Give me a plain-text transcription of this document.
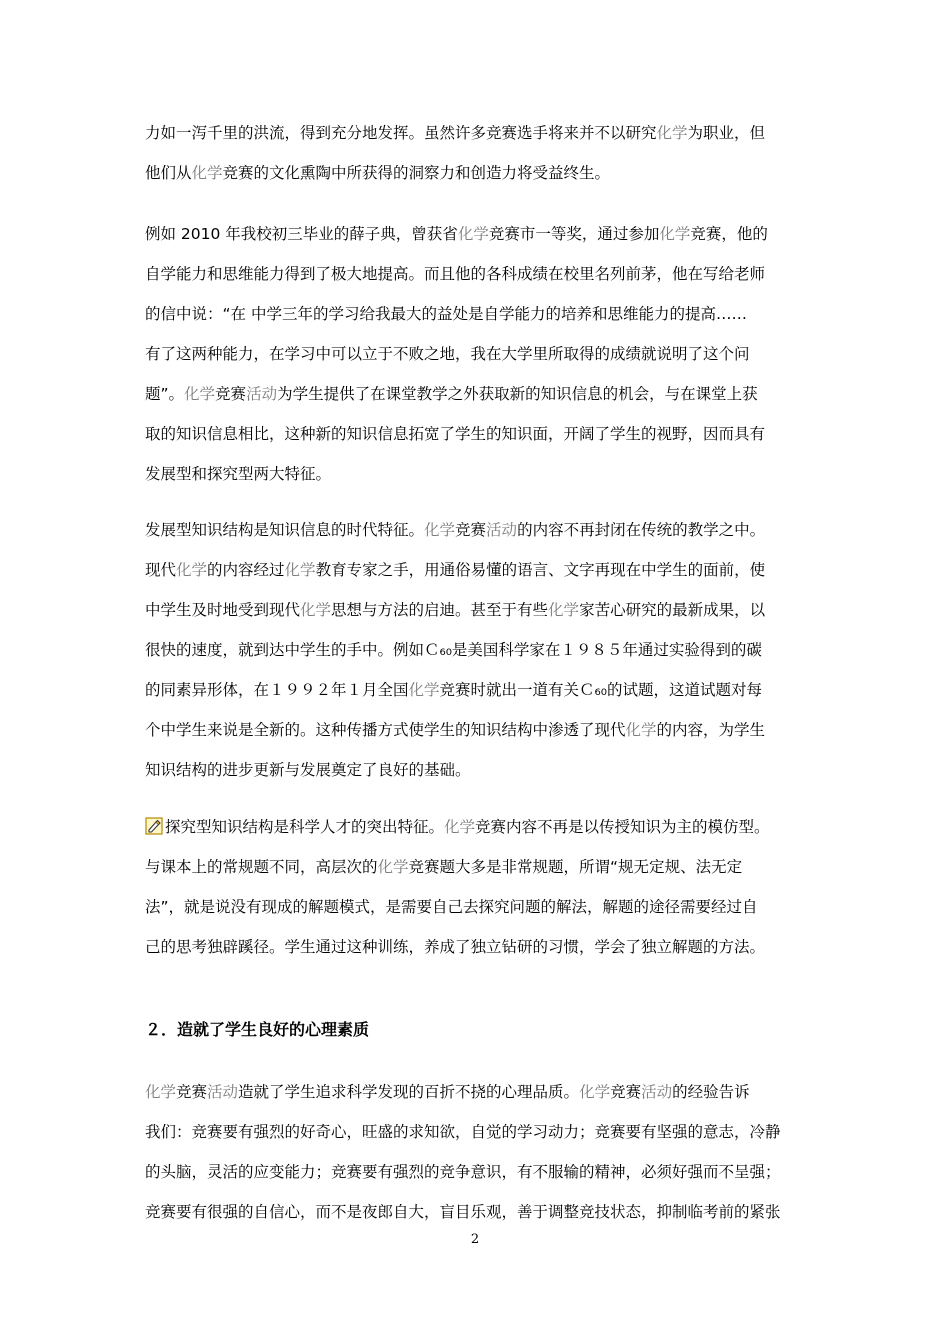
力如一泻千里的洪流，得到充分地发挥。虽然许多竞赛选手将来并不以研究化学为职业，但
他们从化学竞赛的文化熏陶中所获得的洞察力和创造力将受益终生。
例如 2010 年我校初三毕业的薛子典，曾获省化学竞赛市一等奖，通过参加化学竞赛，他的
自学能力和思维能力得到了极大地提高。而且他的各科成绩在校里名列前茅，他在写给老师
的信中说：“在 中学三年的学习给我最大的益处是自学能力的培养和思维能力的提高……
有了这两种能力，在学习中可以立于不败之地，我在大学里所取得的成绩就说明了这个问
题”。化学竞赛活动为学生提供了在课堂教学之外获取新的知识信息的机会，与在课堂上获
取的知识信息相比，这种新的知识信息拓宽了学生的知识面，开阔了学生的视野，因而具有
发展型和探究型两大特征。
发展型知识结构是知识信息的时代特征。化学竞赛活动的内容不再封闭在传统的教学之中。
现代化学的内容经过化学教育专家之手，用通俗易懂的语言、文字再现在中学生的面前，使
中学生及时地受到现代化学思想与方法的启迪。甚至于有些化学家苦心研究的最新成果，以
很快的速度，就到达中学生的手中。例如Ｃ₆₀是美国科学家在１９８５年通过实验得到的碳
的同素异形体，在１９９２年１月全国化学竞赛时就出一道有关Ｃ₆₀的试题，这道试题对每
个中学生来说是全新的。这种传播方式使学生的知识结构中渗透了现代化学的内容，为学生
知识结构的进步更新与发展奠定了良好的基础。
探究型知识结构是科学人才的突出特征。化学竞赛内容不再是以传授知识为主的模仿型。
与课本上的常规题不同，高层次的化学竞赛题大多是非常规题，所谓“规无定规、法无定
法”，就是说没有现成的解题模式，是需要自己去探究问题的解法，解题的途径需要经过自
己的思考独辟蹊径。学生通过这种训练，养成了独立钻研的习惯，学会了独立解题的方法。
２．造就了学生良好的心理素质
化学竞赛活动造就了学生追求科学发现的百折不挠的心理品质。化学竞赛活动的经验告诉
我们：竞赛要有强烈的好奇心，旺盛的求知欲，自觉的学习动力；竞赛要有坚强的意志，冷静
的头脑，灵活的应变能力；竞赛要有强烈的竞争意识，有不服输的精神，必须好强而不呈强；
竞赛要有很强的自信心，而不是夜郎自大，盲目乐观，善于调整竞技状态，抑制临考前的紧张
2
